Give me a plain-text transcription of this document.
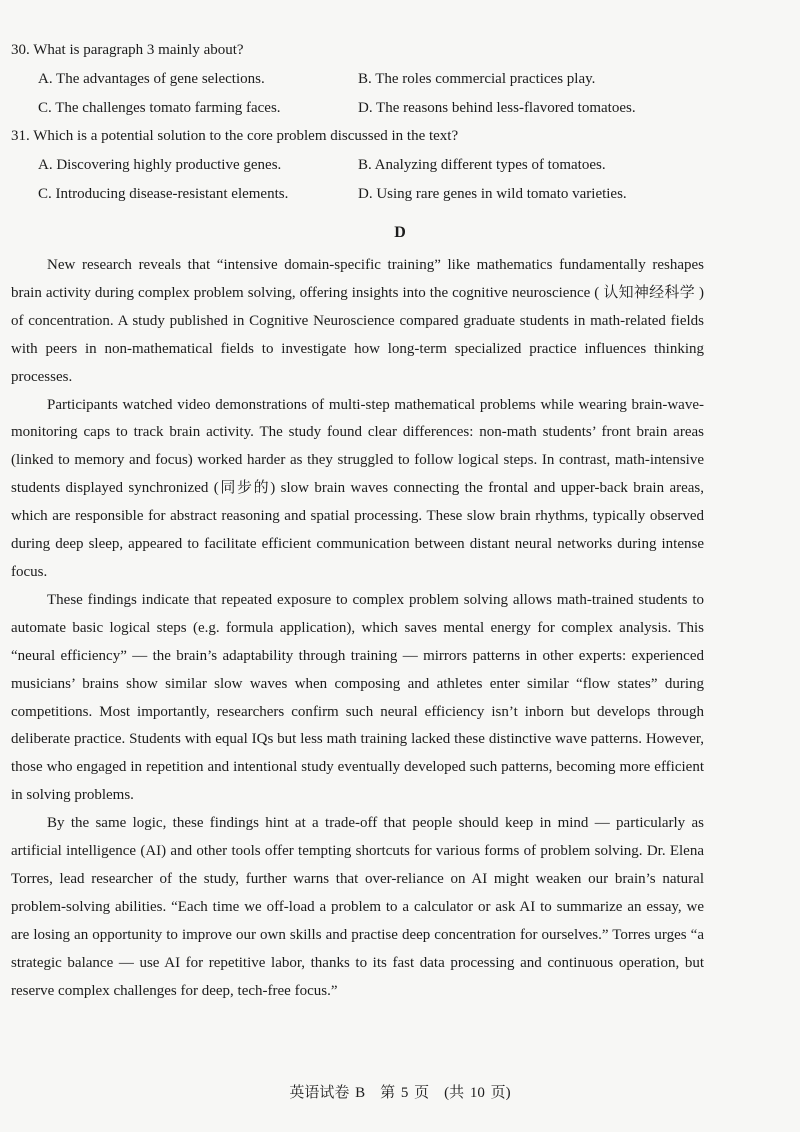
30. What is paragraph 3 mainly about?
A. The advantages of gene selections.	B. The roles commercial practices play.
C. The challenges tomato farming faces.	D. The reasons behind less-flavored tomatoes.
31. Which is a potential solution to the core problem discussed in the text?
A. Discovering highly productive genes.	B. Analyzing different types of tomatoes.
C. Introducing disease-resistant elements.	D. Using rare genes in wild tomato varieties.
D

New research reveals that “intensive domain-specific training” like mathematics fundamentally reshapes brain activity during complex problem solving, offering insights into the cognitive neuroscience ( 认知神经科学 ) of concentration. A study published in Cognitive Neuroscience compared graduate students in math-related fields with peers in non-mathematical fields to investigate how long-term specialized practice influences thinking processes.

Participants watched video demonstrations of multi-step mathematical problems while wearing brain-wave-monitoring caps to track brain activity. The study found clear differences: non-math students’ front brain areas (linked to memory and focus) worked harder as they struggled to follow logical steps. In contrast, math-intensive students displayed synchronized (同步的) slow brain waves connecting the frontal and upper-back brain areas, which are responsible for abstract reasoning and spatial processing. These slow brain rhythms, typically observed during deep sleep, appeared to facilitate efficient communication between distant neural networks during intense focus.

These findings indicate that repeated exposure to complex problem solving allows math-trained students to automate basic logical steps (e.g. formula application), which saves mental energy for complex analysis. This “neural efficiency” — the brain’s adaptability through training — mirrors patterns in other experts: experienced musicians’ brains show similar slow waves when composing and athletes enter similar “flow states” during competitions. Most importantly, researchers confirm such neural efficiency isn’t inborn but develops through deliberate practice. Students with equal IQs but less math training lacked these distinctive wave patterns. However, those who engaged in repetition and intentional study eventually developed such patterns, becoming more efficient in solving problems.

By the same logic, these findings hint at a trade-off that people should keep in mind — particularly as artificial intelligence (AI) and other tools offer tempting shortcuts for various forms of problem solving. Dr. Elena Torres, lead researcher of the study, further warns that over-reliance on AI might weaken our brain’s natural problem-solving abilities. “Each time we off-load a problem to a calculator or ask AI to summarize an essay, we are losing an opportunity to improve our own skills and practise deep concentration for ourselves.” Torres urges “a strategic balance — use AI for repetitive labor, thanks to its fast data processing and continuous operation, but reserve complex challenges for deep, tech-free focus.”

英语试卷 B　第 5 页　(共 10 页)
